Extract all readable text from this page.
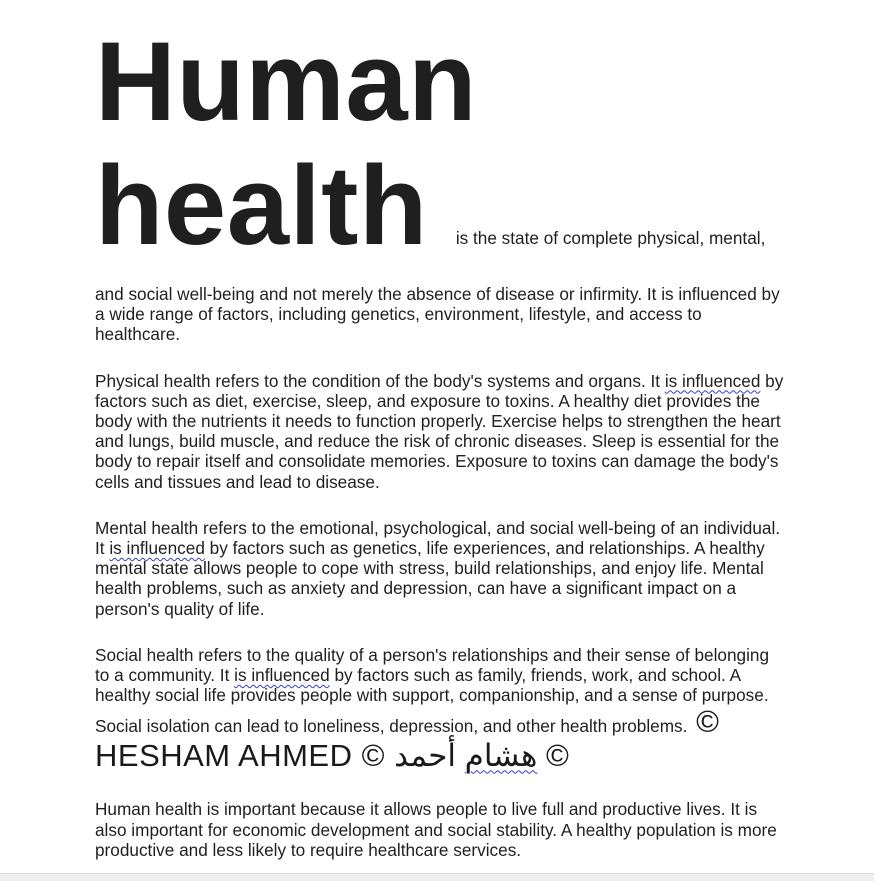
Human
health is the state of complete physical, mental,

and social well-being and not merely the absence of disease or infirmity. It is influenced by a wide range of factors, including genetics, environment, lifestyle, and access to healthcare.

Physical health refers to the condition of the body's systems and organs. It is influenced by factors such as diet, exercise, sleep, and exposure to toxins. A healthy diet provides the body with the nutrients it needs to function properly. Exercise helps to strengthen the heart and lungs, build muscle, and reduce the risk of chronic diseases. Sleep is essential for the body to repair itself and consolidate memories. Exposure to toxins can damage the body's cells and tissues and lead to disease.

Mental health refers to the emotional, psychological, and social well-being of an individual. It is influenced by factors such as genetics, life experiences, and relationships. A healthy mental state allows people to cope with stress, build relationships, and enjoy life. Mental health problems, such as anxiety and depression, can have a significant impact on a person's quality of life.

Social health refers to the quality of a person's relationships and their sense of belonging to a community. It is influenced by factors such as family, friends, work, and school. A healthy social life provides people with support, companionship, and a sense of purpose. Social isolation can lead to loneliness, depression, and other health problems. © HESHAM AHMED © هشام أحمد	©

Human health is important because it allows people to live full and productive lives. It is also important for economic development and social stability. A healthy population is more productive and less likely to require healthcare services.
